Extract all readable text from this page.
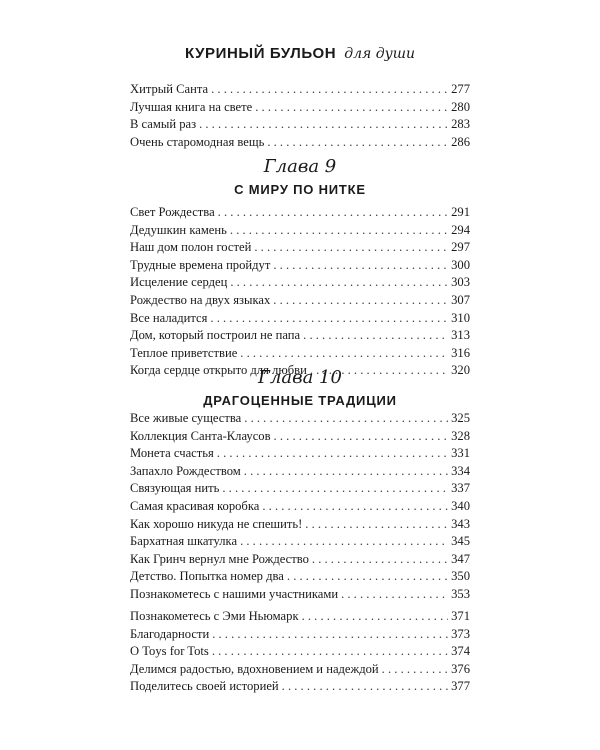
КУРИНЫЙ БУЛЬОН для души
Хитрый Санта . . .	277
Лучшая книга на свете . . .	280
В самый раз . . .	283
Очень старомодная вещь . . .	286
Глава 9
С МИРУ ПО НИТКЕ
Свет Рождества . . .	291
Дедушкин камень . . .	294
Наш дом полон гостей . . .	297
Трудные времена пройдут . . .	300
Исцеление сердец . . .	303
Рождество на двух языках . . .	307
Все наладится . . .	310
Дом, который построил не папа . . .	313
Теплое приветствие . . .	316
Когда сердце открыто для любви . . .	320
Глава 10
ДРАГОЦЕННЫЕ ТРАДИЦИИ
Все живые существа . . .	325
Коллекция Санта-Клаусов . . .	328
Монета счастья . . .	331
Запахло Рождеством . . .	334
Связующая нить . . .	337
Самая красивая коробка . . .	340
Как хорошо никуда не спешить! . . .	343
Бархатная шкатулка . . .	345
Как Гринч вернул мне Рождество . . .	347
Детство. Попытка номер два . . .	350
Познакометесь с нашими участниками . . .	353
Познакометесь с Эми Ньюмарк . . .	371
Благодарности . . .	373
О Toys for Tots . . .	374
Делимся радостью, вдохновением и надеждой . . .	376
Поделитесь своей историей . . .	377
